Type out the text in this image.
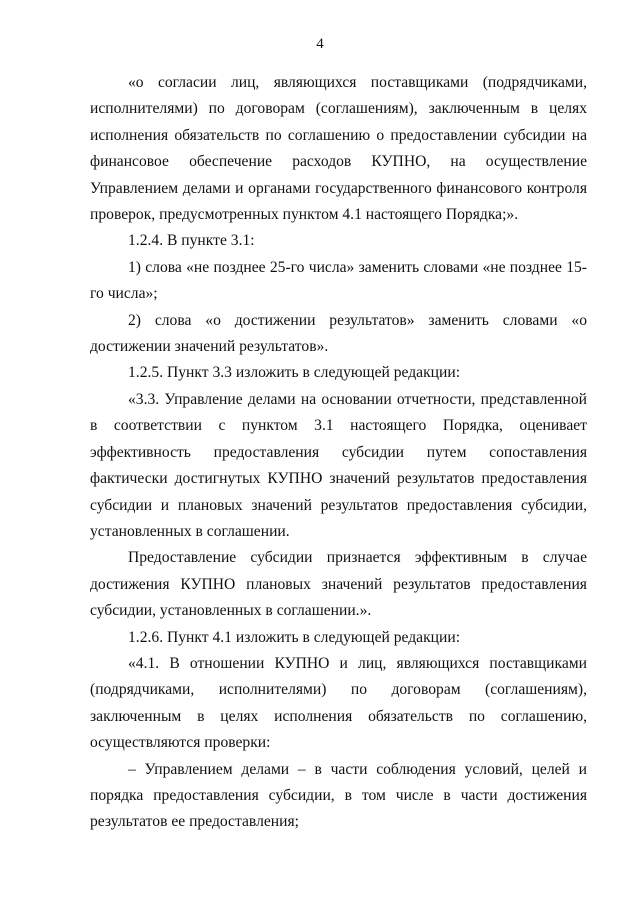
4

«о согласии лиц, являющихся поставщиками (подрядчиками, исполнителями) по договорам (соглашениям), заключенным в целях исполнения обязательств по соглашению о предоставлении субсидии на финансовое обеспечение расходов КУПНО, на осуществление Управлением делами и органами государственного финансового контроля проверок, предусмотренных пунктом 4.1 настоящего Порядка;».

1.2.4. В пункте 3.1:

1) слова «не позднее 25-го числа» заменить словами «не позднее 15-го числа»;

2) слова «о достижении результатов» заменить словами «о достижении значений результатов».

1.2.5. Пункт 3.3 изложить в следующей редакции:

«3.3. Управление делами на основании отчетности, представленной в соответствии с пунктом 3.1 настоящего Порядка, оценивает эффективность предоставления субсидии путем сопоставления фактически достигнутых КУПНО значений результатов предоставления субсидии и плановых значений результатов предоставления субсидии, установленных в соглашении.

Предоставление субсидии признается эффективным в случае достижения КУПНО плановых значений результатов предоставления субсидии, установленных в соглашении.».

1.2.6. Пункт 4.1 изложить в следующей редакции:

«4.1. В отношении КУПНО и лиц, являющихся поставщиками (подрядчиками, исполнителями) по договорам (соглашениям), заключенным в целях исполнения обязательств по соглашению, осуществляются проверки:

– Управлением делами – в части соблюдения условий, целей и порядка предоставления субсидии, в том числе в части достижения результатов ее предоставления;
